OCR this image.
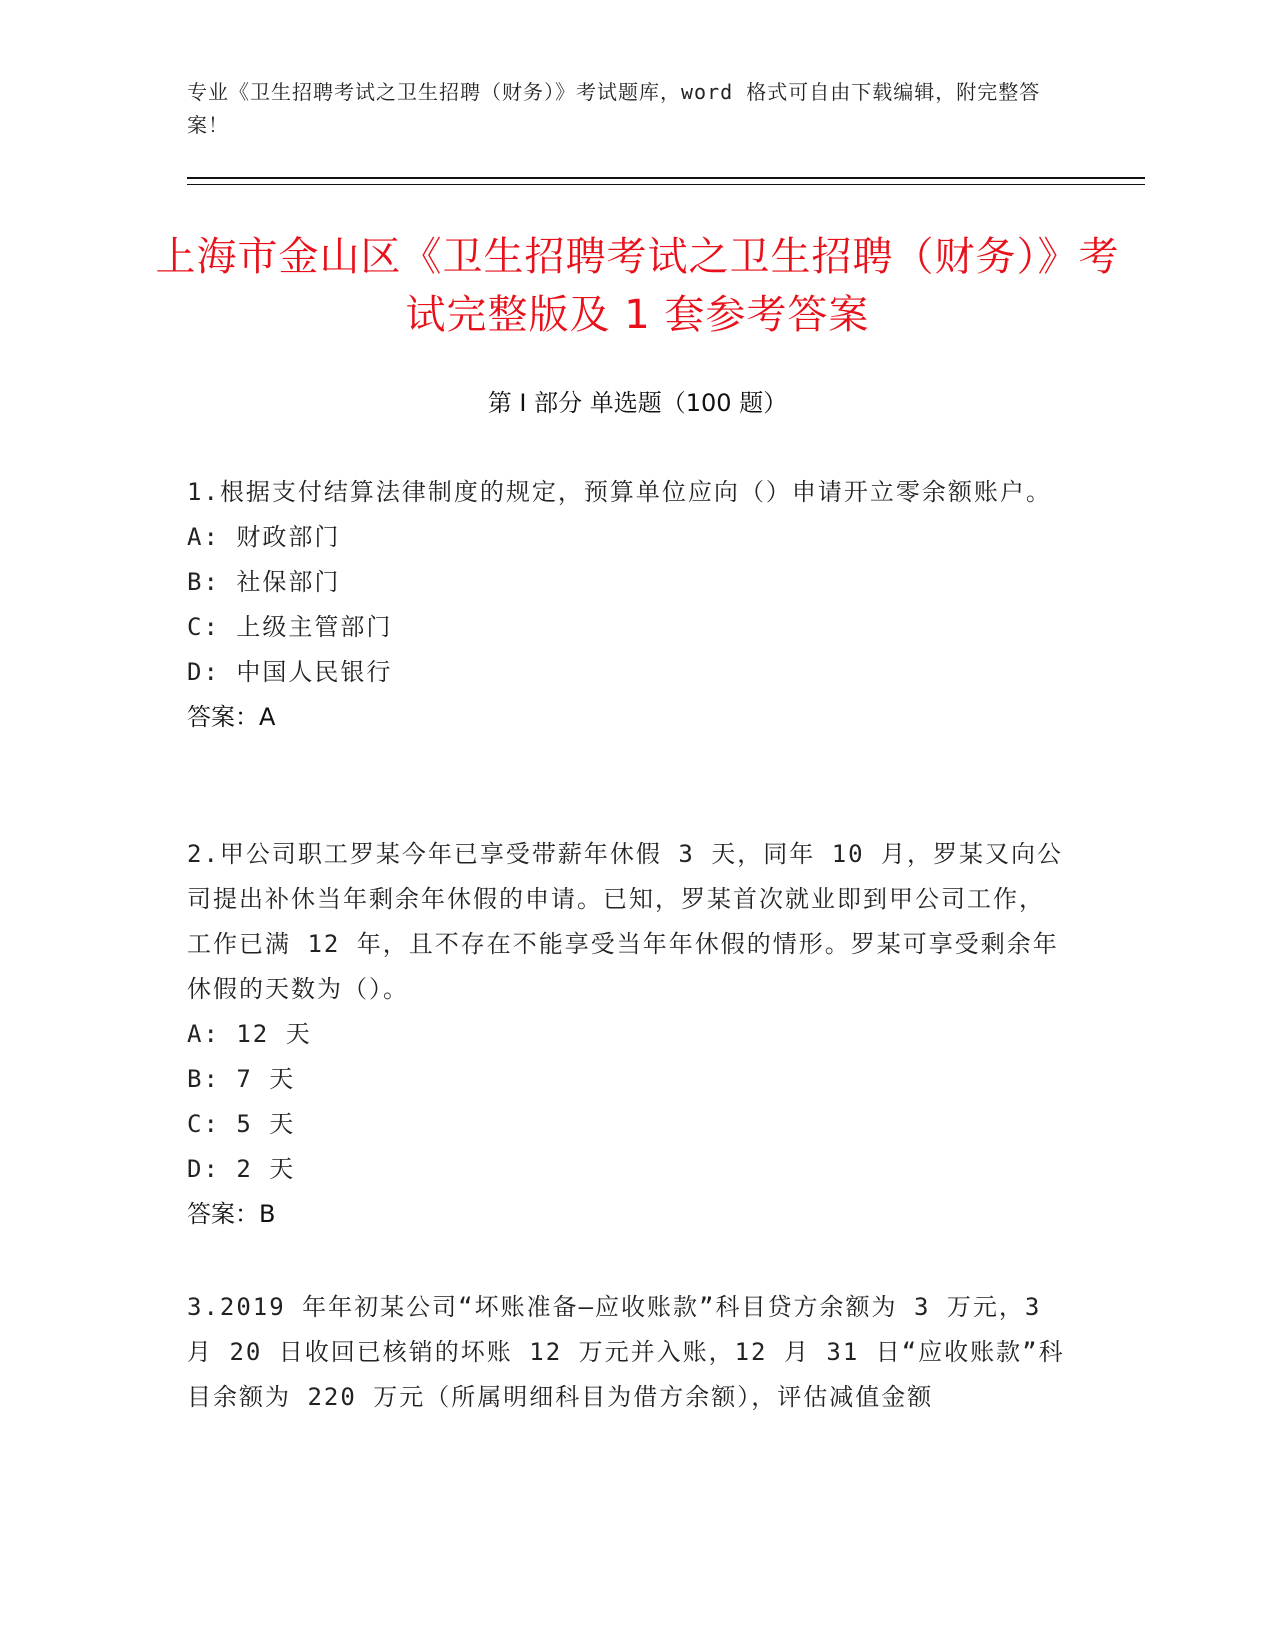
专业《卫生招聘考试之卫生招聘（财务）》考试题库，word 格式可自由下载编辑，附完整答案！
上海市金山区《卫生招聘考试之卫生招聘（财务）》考试完整版及 1 套参考答案
第 I 部分 单选题（100 题）
1.根据支付结算法律制度的规定，预算单位应向（）申请开立零余额账户。
A: 财政部门
B: 社保部门
C: 上级主管部门
D: 中国人民银行
答案：A
2.甲公司职工罗某今年已享受带薪年休假 3 天，同年 10 月，罗某又向公司提出补休当年剩余年休假的申请。已知，罗某首次就业即到甲公司工作，工作已满 12 年，且不存在不能享受当年年休假的情形。罗某可享受剩余年休假的天数为（）。
A: 12 天
B: 7 天
C: 5 天
D: 2 天
答案：B
3.2019 年年初某公司“坏账准备—应收账款”科目贷方余额为 3 万元，3 月 20 日收回已核销的坏账 12 万元并入账，12 月 31 日“应收账款”科目余额为 220 万元（所属明细科目为借方余额），评估减值金额
